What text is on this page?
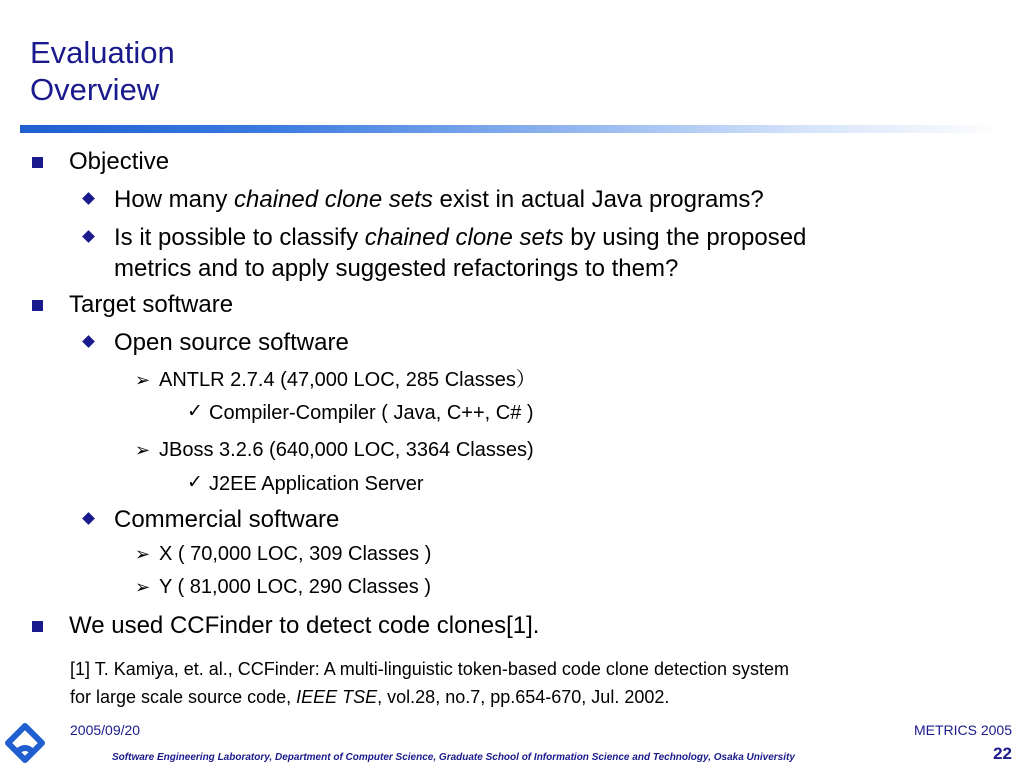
Evaluation
Overview
Objective
How many chained clone sets exist in actual Java programs?
Is it possible to classify chained clone sets by using the proposed
metrics and to apply suggested refactorings to them?
Target software
Open source software
➢ ANTLR 2.7.4 (47,000 LOC, 285 Classes）
✓ Compiler-Compiler ( Java, C++, C# )
➢ JBoss 3.2.6 (640,000 LOC, 3364 Classes)
✓ J2EE Application Server
Commercial software
➢ X ( 70,000 LOC, 309 Classes )
➢ Y ( 81,000 LOC, 290 Classes )
We used CCFinder to detect code clones[1].
[1] T. Kamiya, et. al., CCFinder: A multi-linguistic token-based code clone detection system
for large scale source code, IEEE TSE, vol.28, no.7, pp.654-670, Jul. 2002.
2005/09/20	METRICS 2005
Software Engineering Laboratory, Department of Computer Science, Graduate School of Information Science and Technology, Osaka University	22
